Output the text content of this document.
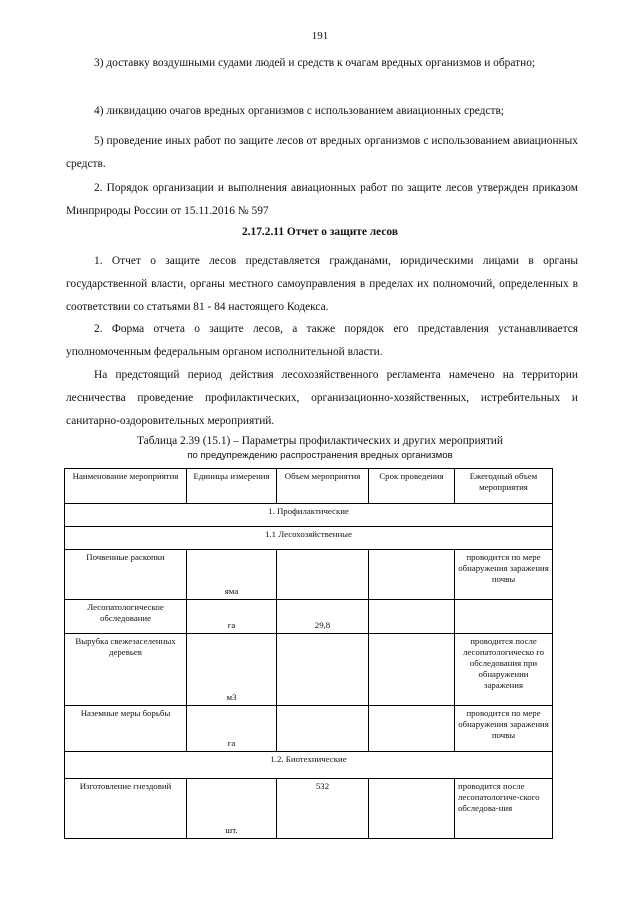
191

3) доставку воздушными судами людей и средств к очагам вредных организмов и обратно;

4) ликвидацию очагов вредных организмов с использованием авиационных средств;

5) проведение иных работ по защите лесов от вредных организмов с использованием авиационных средств.

2. Порядок организации и выполнения авиационных работ по защите лесов утвержден приказом Минприроды России от 15.11.2016 № 597

2.17.2.11 Отчет о защите лесов

1. Отчет о защите лесов представляется гражданами, юридическими лицами в органы государственной власти, органы местного самоуправления в пределах их полномочий, определенных в соответствии со статьями 81 - 84 настоящего Кодекса.

2. Форма отчета о защите лесов, а также порядок его представления устанавливается уполномоченным федеральным органом исполнительной власти.

На предстоящий период действия лесохозяйственного регламента намечено на территории лесничества проведение профилактических, организационно-хозяйственных, истребительных и санитарно-оздоровительных мероприятий.

Таблица 2.39 (15.1) – Параметры профилактических и других мероприятий
по предупреждению распространения вредных организмов
Наименование мероприятия	Единицы измерения	Объем мероприятия	Срок проведения	Ежегодный объем мероприятия
1. Профилактические				
1.1 Лесохозяйственные				
Почвенные раскопки	яма			проводится по мере обнаружения заражения почвы
Лесопатологическое обследование	га	29,8		
Вырубка свежезаселенных деревьев	м3			проводится после лесопатологическо го обследования при обнаружении заражения
Наземные меры борьбы	га			проводится по мере обнаружения заражения почвы
1.2. Биотехнические				
Изготовление гнездовий	шт.	532		проводится после лесопатологиче-ского обследова-ния
